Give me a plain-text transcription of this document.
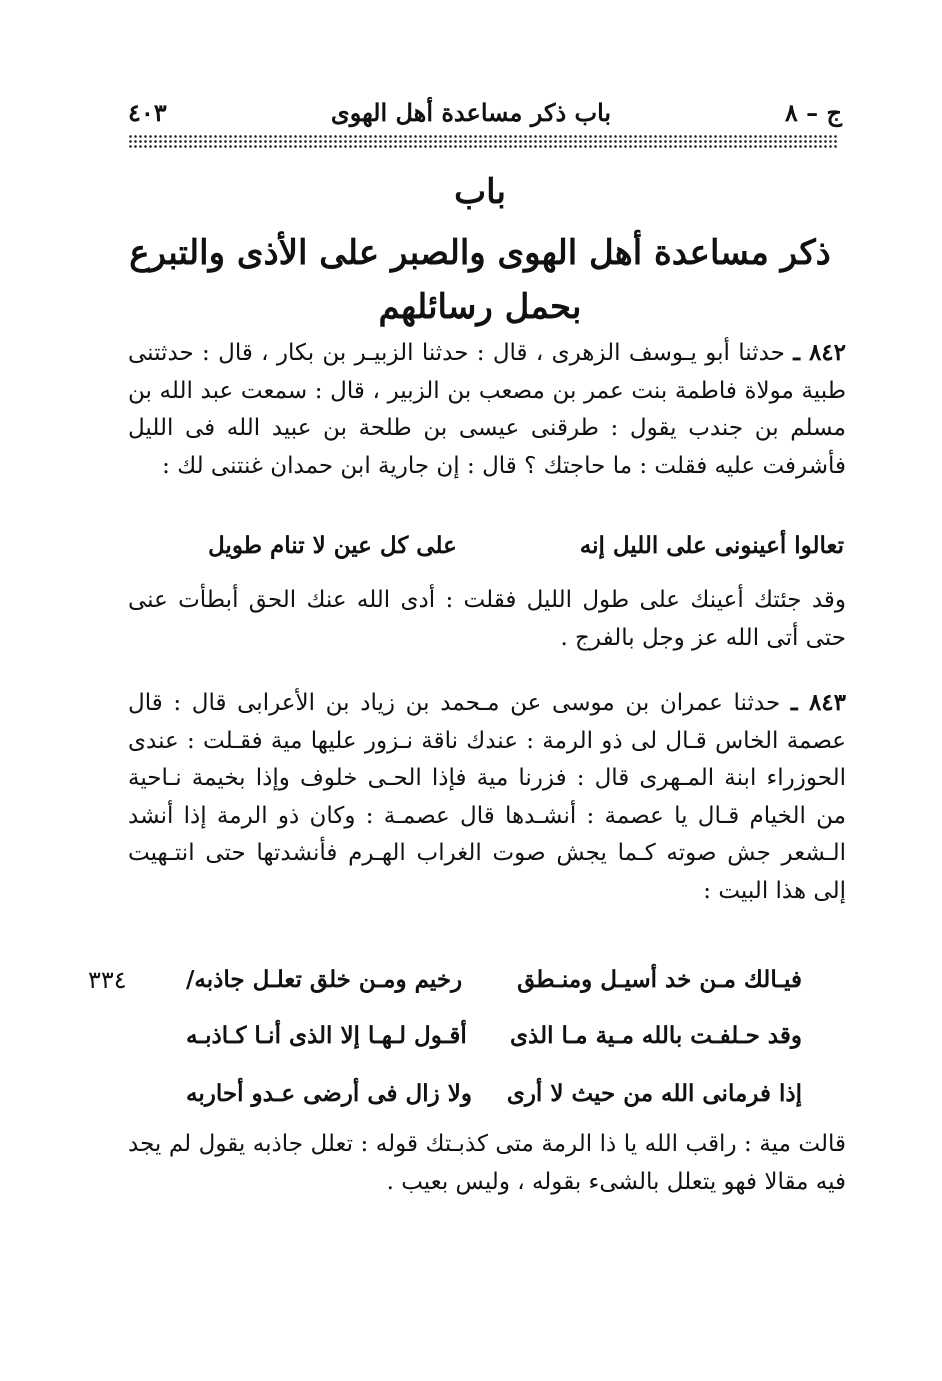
ج – ٨
باب ذكر مساعدة أهل الهوى
٤٠٣
باب
ذكر مساعدة أهل الهوى والصبر على الأذى والتبرع بحمل رسائلهم

٨٤٢ ـ حدثنا أبو يـوسف الزهرى ، قال : حدثنا الزبيـر بن بكار ، قال : حدثتنى طبية مولاة فاطمة بنت عمر بن مصعب بن الزبير ، قال : سمعت عبد الله بن مسلم بن جندب يقول : طرقنى عيسى بن طلحة بن عبيد الله فى الليل فأشرفت عليه فقلت : ما حاجتك ؟ قال : إن جارية ابن حمدان غنتنى لك :

تعالوا أعينونى على الليل إنه
على كل عين لا تنام طويل

وقد جئتك أعينك على طول الليل فقلت : أدى الله عنك الحق أبطأت عنى حتى أتى الله عز وجل بالفرج .

٨٤٣ ـ حدثنا عمران بن موسى عن مـحمد بن زياد بن الأعرابى قال : قال عصمة الخاس قـال لى ذو الرمة : عندك ناقة نـزور عليها مية فقـلت : عندى الحوزراء ابنة المـهرى قال : فزرنا مية فإذا الحـى خلوف وإذا بخيمة نـاحية من الخيام قـال يا عصمة : أنشـدها قال عصمـة : وكان ذو الرمة إذا أنشد الـشعر جش صوته كـما يجش صوت الغراب الهـرم فأنشدتها حتى انتـهيت إلى هذا البيت :

٣٣٤	فيـالك مـن خد أسيـل ومنـطق
رخيم ومـن خلق تعلـل جاذبه/
وقد حـلفـت بالله مـية مـا الذى
أقـول لـهـا إلا الذى أنـا كـاذبـه
إذا فرمانى الله من حيث لا أرى
ولا زال فى أرضى عـدو أحاربه

قالت مية : راقب الله يا ذا الرمة متى كذبـتك قوله : تعلل جاذبه يقول لم يجد فيه مقالا فهو يتعلل بالشىء بقوله ، وليس بعيب .
